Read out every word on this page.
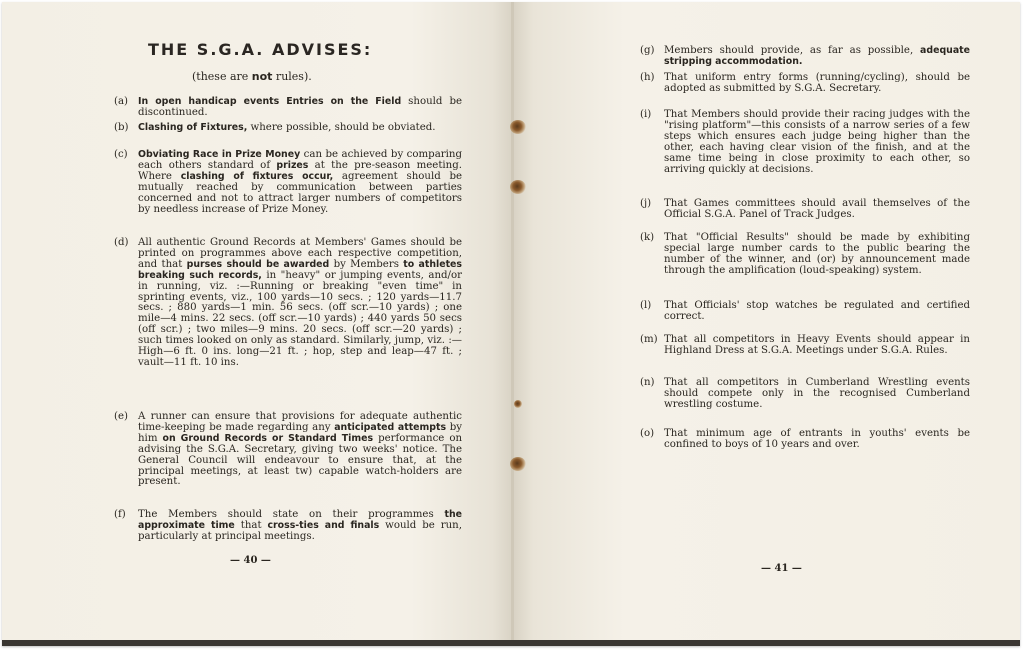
THE S.G.A. ADVISES:
(these are not rules).
(a) In open handicap events Entries on the Field should be discontinued.
(b) Clashing of Fixtures, where possible, should be obviated.
(c) Obviating Race in Prize Money can be achieved by comparing each others standard of prizes at the pre-season meeting. Where clashing of fixtures occur, agreement should be mutually reached by communication between parties concerned and not to attract larger numbers of competitors by needless increase of Prize Money.
(d) All authentic Ground Records at Members' Games should be printed on programmes above each respective competition, and that purses should be awarded by Members to athletes breaking such records, in "heavy" or jumping events, and/or in running, viz. :—Running or breaking "even time" in sprinting events, viz., 100 yards—10 secs. ; 120 yards—11.7 secs. ; 880 yards—1 min. 56 secs. (off scr.—10 yards) ; one mile—4 mins. 22 secs. (off scr.—10 yards) ; 440 yards 50 secs (off scr.) ; two miles—9 mins. 20 secs. (off scr.—20 yards) ; such times looked on only as standard. Similarly, jump, viz. :—High—6 ft. 0 ins. long—21 ft. ; hop, step and leap—47 ft. ; vault—11 ft. 10 ins.
(e) A runner can ensure that provisions for adequate authentic time-keeping be made regarding any anticipated attempts by him on Ground Records or Standard Times performance on advising the S.G.A. Secretary, giving two weeks' notice. The General Council will endeavour to ensure that, at the principal meetings, at least tw) capable watch-holders are present.
(f) The Members should state on their programmes the approximate time that cross-ties and finals would be run, particularly at principal meetings.
— 40 —
(g) Members should provide, as far as possible, adequate stripping accommodation.
(h) That uniform entry forms (running/cycling), should be adopted as submitted by S.G.A. Secretary.
(i) That Members should provide their racing judges with the "rising platform"—this consists of a narrow series of a few steps which ensures each judge being higher than the other, each having clear vision of the finish, and at the same time being in close proximity to each other, so arriving quickly at decisions.
(j) That Games committees should avail themselves of the Official S.G.A. Panel of Track Judges.
(k) That "Official Results" should be made by exhibiting special large number cards to the public bearing the number of the winner, and (or) by announcement made through the amplification (loud-speaking) system.
(l) That Officials' stop watches be regulated and certified correct.
(m) That all competitors in Heavy Events should appear in Highland Dress at S.G.A. Meetings under S.G.A. Rules.
(n) That all competitors in Cumberland Wrestling events should compete only in the recognised Cumberland wrestling costume.
(o) That minimum age of entrants in youths' events be confined to boys of 10 years and over.
— 41 —
